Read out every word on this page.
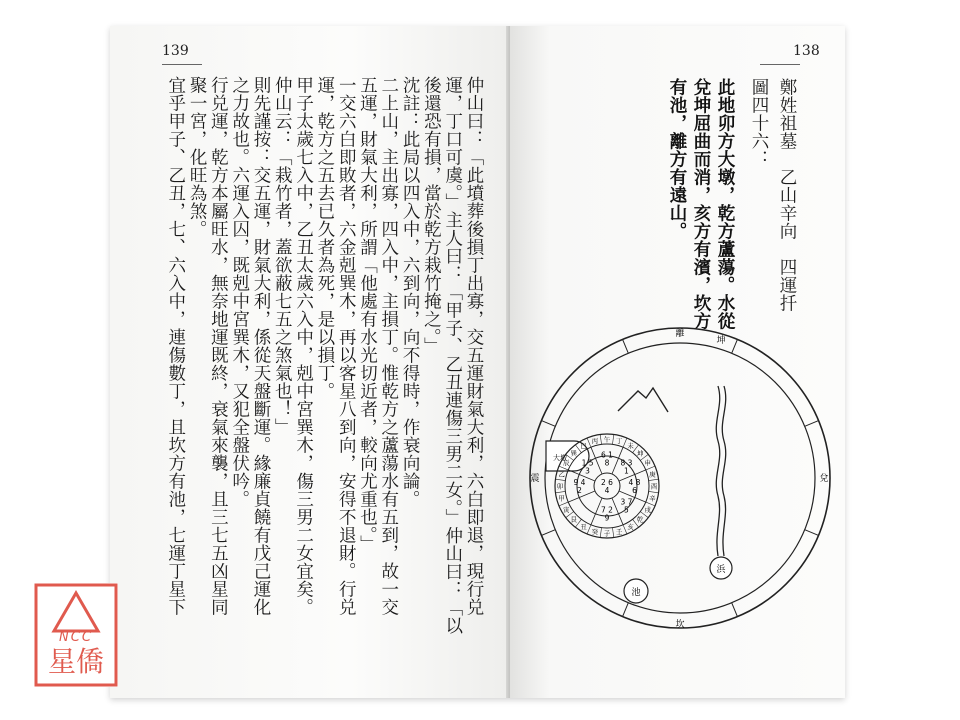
139
仲山曰：「此墳葬後損丁出寡，交五運財氣大利，六白即退，現行兑
運，丁口可虞。」主人曰：「甲子、乙丑連傷三男二女。」仲山曰：「以
後還恐有損，當於乾方栽竹掩之。」
沈註：此局以四入中，六到向，向不得時，作衰向論。
二上山，主出寡，四入中，主損丁。惟乾方之蘆蕩水有五到，故一交
五運，財氣大利，所謂「他處有水光切近者，較向尤重也。」
一交六白即敗者，六金剋巽木，再以客星八到向，安得不退財。行兑
運，乾方之五去已久者為死，是以損丁。
甲子太歲七入中，乙丑太歲六入中，剋中宮巽木，傷三男二女宜矣。
仲山云：「栽竹者，蓋欲蔽七五之煞氣也！」
則先謹按：交五運，財氣大利，係從天盤斷運。緣廉貞饒有戊己運化
之力故也。六運入囚，既剋中宮巽木，又犯全盤伏吟。
行兑運，乾方本屬旺水，無奈地運既終，衰氣來襲，且三七五凶星同
聚一宮，化旺為煞。
宜乎甲子、乙丑，七、六入中，連傷數丁，且坎方有池，七運丁星下
138
鄭姓祖墓　乙山辛向　四運扦
圖四十六：
此地卯方大墩，乾方蘆蕩。水從
兌坤屈曲而消，亥方有濱，坎方
有池，離方有遠山。
離
坤
坎
震	兌
大墩
浜
池
丙 午 丁
未
坤
申
庚
酉
辛
戌
乾
亥
壬
子
癸
丑
艮
寅
甲
卯
乙
辰
巽
巳
1 5
3
6 1
8 8 3
1
4 8
6
3 7
5
7 2
9
9 4
2
2 6
4
NCC
星僑
